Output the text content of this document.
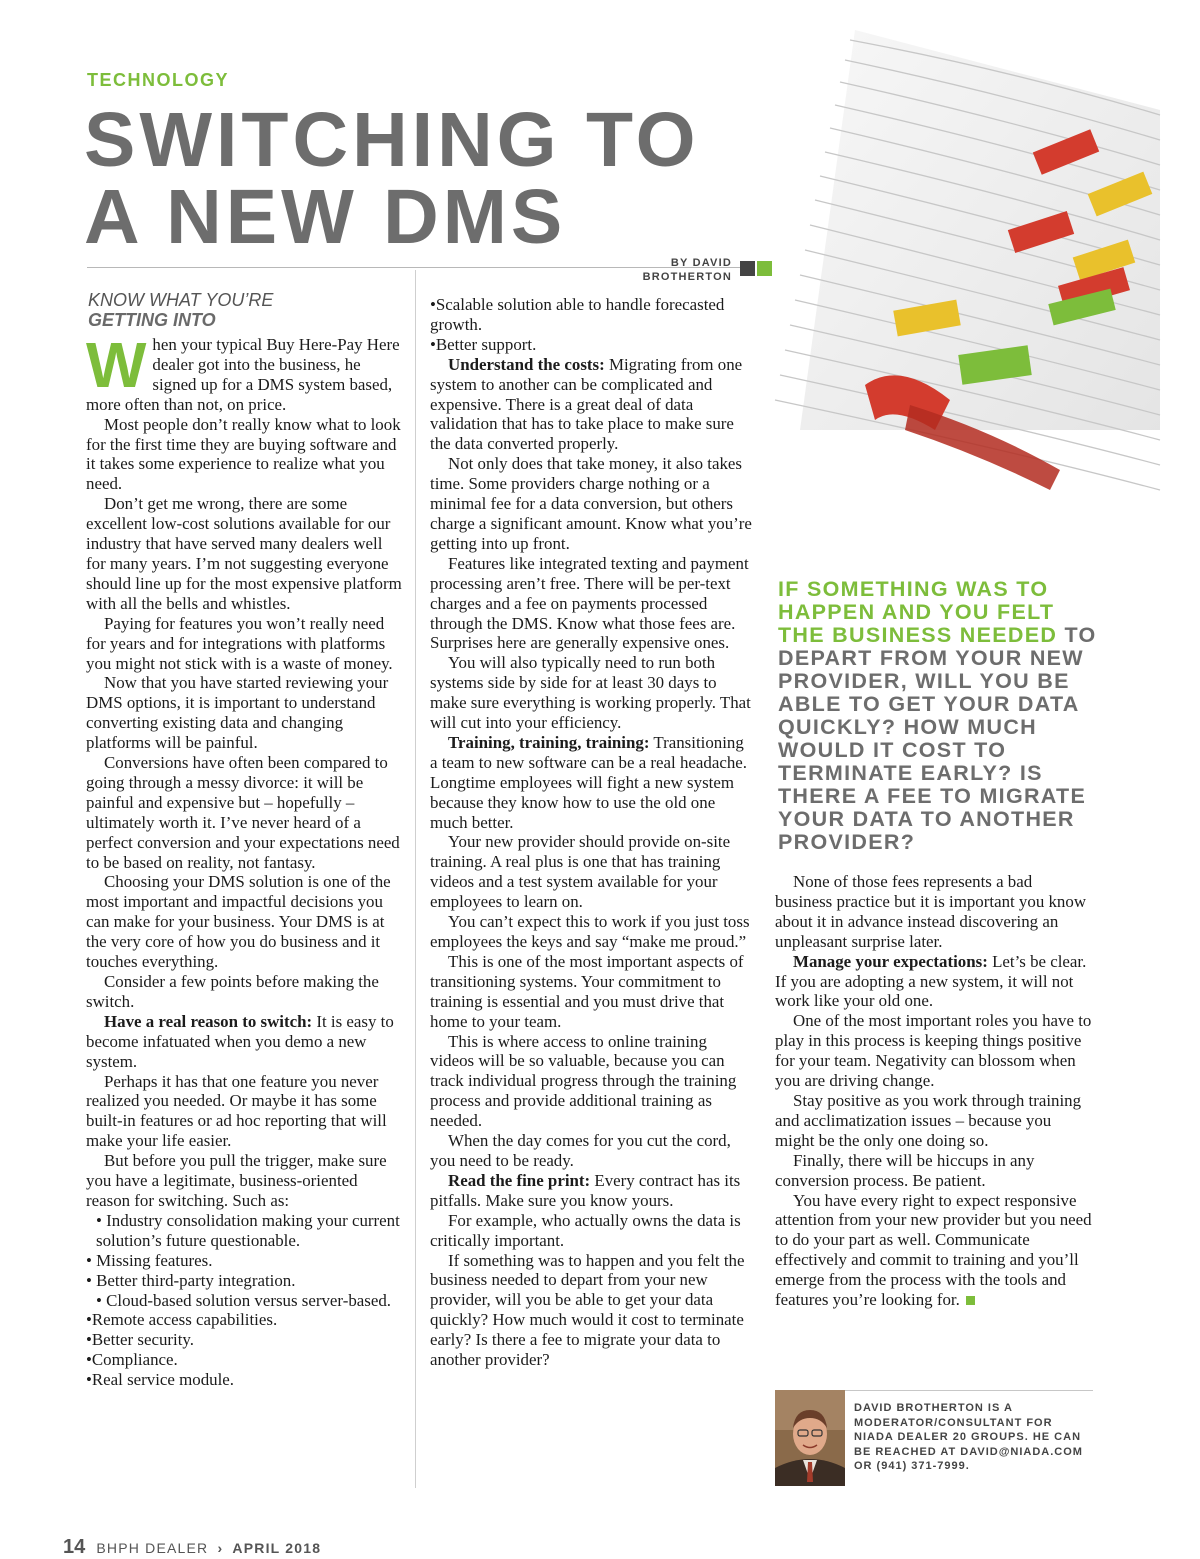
TECHNOLOGY
SWITCHING TO
A NEW DMS
BY DAVID
BROTHERTON
KNOW WHAT YOU’RE
GETTING INTO

When your typical Buy Here-Pay Here dealer got into the business, he signed up for a DMS system based, more often than not, on price.

Most people don’t really know what to look for the first time they are buying software and it takes some experience to realize what you need.

Don’t get me wrong, there are some excellent low-cost solutions available for our industry that have served many dealers well for many years. I’m not suggesting everyone should line up for the most expensive platform with all the bells and whistles.

Paying for features you won’t really need for years and for integrations with platforms you might not stick with is a waste of money.

Now that you have started reviewing your DMS options, it is important to understand converting existing data and changing platforms will be painful.

Conversions have often been compared to going through a messy divorce: it will be painful and expensive but – hopefully – ultimately worth it. I’ve never heard of a perfect conversion and your expectations need to be based on reality, not fantasy.

Choosing your DMS solution is one of the most important and impactful decisions you can make for your business. Your DMS is at the very core of how you do business and it touches everything.

Consider a few points before making the switch.

Have a real reason to switch: It is easy to become infatuated when you demo a new system.

Perhaps it has that one feature you never realized you needed. Or maybe it has some built-in features or ad hoc reporting that will make your life easier.

But before you pull the trigger, make sure you have a legitimate, business-oriented reason for switching. Such as:

• Industry consolidation making your current solution’s future questionable.

• Missing features.

• Better third-party integration.

• Cloud-based solution versus server-based.

•Remote access capabilities.

•Better security.

•Compliance.

•Real service module.

•Scalable solution able to handle forecasted growth.

•Better support.

Understand the costs: Migrating from one system to another can be complicated and expensive. There is a great deal of data validation that has to take place to make sure the data converted properly.

Not only does that take money, it also takes time. Some providers charge nothing or a minimal fee for a data conversion, but others charge a significant amount. Know what you’re getting into up front.

Features like integrated texting and payment processing aren’t free. There will be per-text charges and a fee on payments processed through the DMS. Know what those fees are. Surprises here are generally expensive ones.

You will also typically need to run both systems side by side for at least 30 days to make sure everything is working properly. That will cut into your efficiency.

Training, training, training: Transitioning a team to new software can be a real headache. Longtime employees will fight a new system because they know how to use the old one much better.

Your new provider should provide on-site training. A real plus is one that has training videos and a test system available for your employees to learn on.

You can’t expect this to work if you just toss employees the keys and say “make me proud.”

This is one of the most important aspects of transitioning systems. Your commitment to training is essential and you must drive that home to your team.

This is where access to online training videos will be so valuable, because you can track individual progress through the training process and provide additional training as needed.

When the day comes for you cut the cord, you need to be ready.

Read the fine print: Every contract has its pitfalls. Make sure you know yours.

For example, who actually owns the data is critically important.

If something was to happen and you felt the business needed to depart from your new provider, will you be able to get your data quickly? How much would it cost to terminate early? Is there a fee to migrate your data to another provider?

IF SOMETHING WAS TO HAPPEN AND YOU FELT THE BUSINESS NEEDED TO DEPART FROM YOUR NEW PROVIDER, WILL YOU BE ABLE TO GET YOUR DATA QUICKLY? HOW MUCH WOULD IT COST TO TERMINATE EARLY? IS THERE A FEE TO MIGRATE YOUR DATA TO ANOTHER PROVIDER?

None of those fees represents a bad business practice but it is important you know about it in advance instead discovering an unpleasant surprise later.

Manage your expectations: Let’s be clear. If you are adopting a new system, it will not work like your old one.

One of the most important roles you have to play in this process is keeping things positive for your team. Negativity can blossom when you are driving change.

Stay positive as you work through training and acclimatization issues – because you might be the only one doing so.

Finally, there will be hiccups in any conversion process. Be patient.

You have every right to expect responsive attention from your new provider but you need to do your part as well. Communicate effectively and commit to training and you’ll emerge from the process with the tools and features you’re looking for.

DAVID BROTHERTON IS A MODERATOR/CONSULTANT FOR NIADA DEALER 20 GROUPS. HE CAN BE REACHED AT DAVID@NIADA.COM OR (941) 371-7999.
14 BHPH DEALER › APRIL 2018
